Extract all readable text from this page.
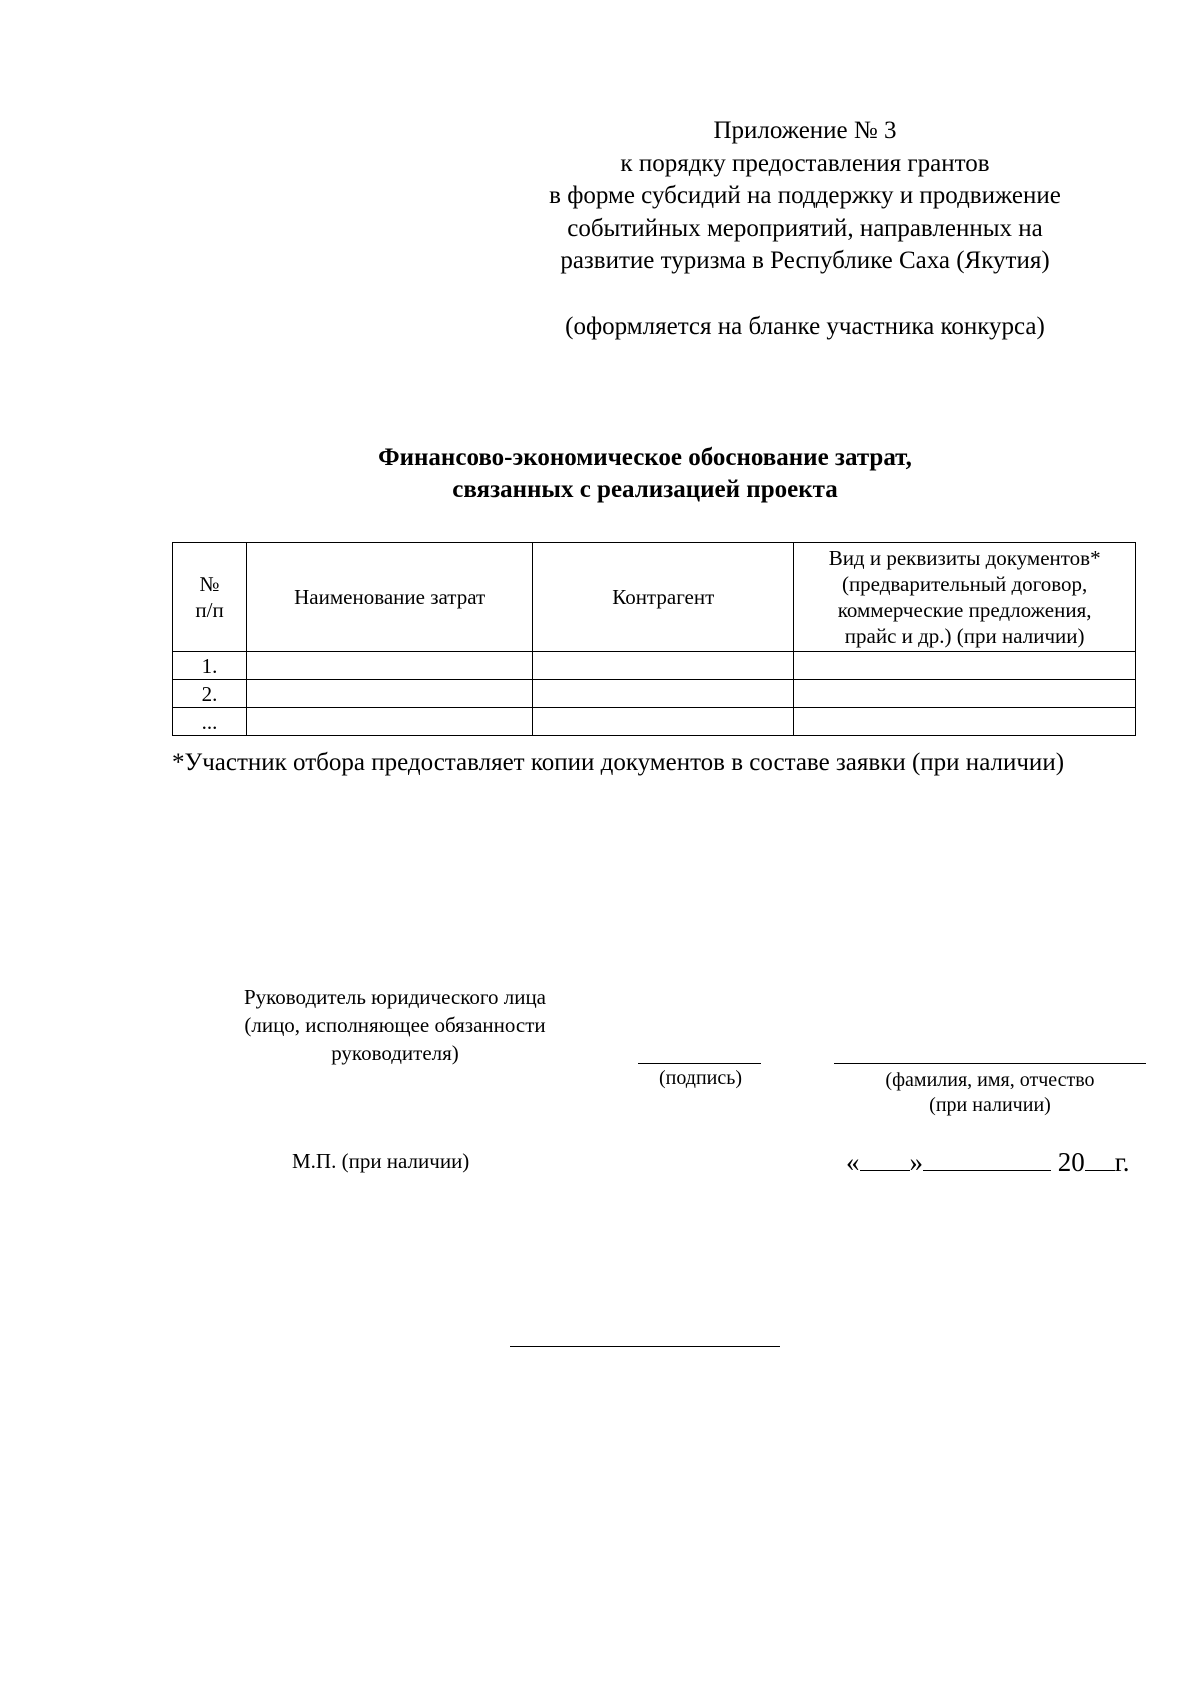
Приложение № 3
к порядку предоставления грантов
в форме субсидий на поддержку и продвижение
событийных мероприятий, направленных на
развитие туризма в Республике Саха (Якутия)
(оформляется на бланке участника конкурса)
Финансово-экономическое обоснование затрат,
связанных с реализацией проекта
№
п/п	Наименование затрат	Контрагент	Вид и реквизиты документов*
(предварительный договор,
коммерческие предложения,
прайс и др.) (при наличии)
1.			
2.			
...			
*Участник отбора предоставляет копии документов в составе заявки (при наличии)
Руководитель юридического лица
(лицо, исполняющее обязанности
руководителя)
(подпись)	(фамилия, имя, отчество
(при наличии)
М.П. (при наличии)	« »	20 г.
